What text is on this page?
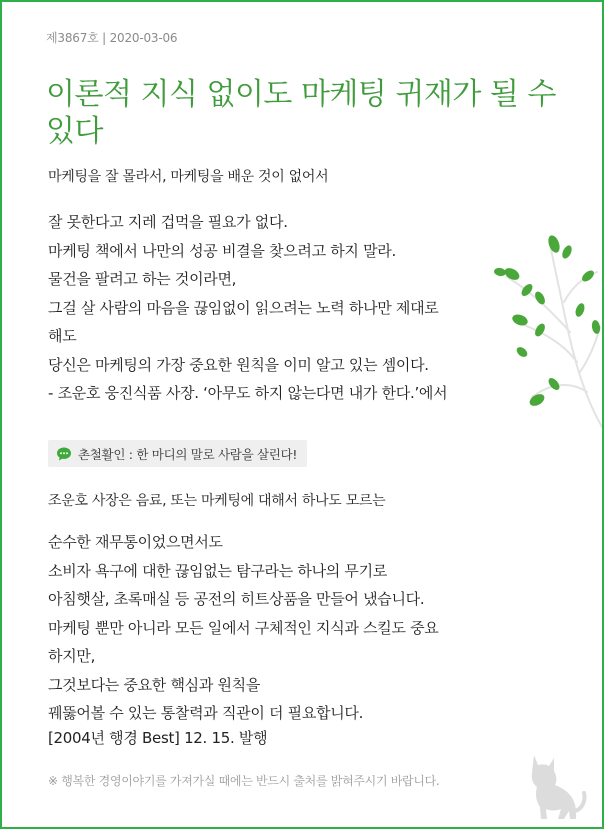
제3867호 | 2020-03-06
이론적 지식 없이도 마케팅 귀재가 될 수 있다
마케팅을 잘 몰라서, 마케팅을 배운 것이 없어서
잘 못한다고 지레 겁먹을 필요가 없다.
마케팅 책에서 나만의 성공 비결을 찾으려고 하지 말라.
물건을 팔려고 하는 것이라면,
그걸 살 사람의 마음을 끊임없이 읽으려는 노력 하나만 제대로
해도
당신은 마케팅의 가장 중요한 원칙을 이미 알고 있는 셈이다.
- 조운호 웅진식품 사장. ‘아무도 하지 않는다면 내가 한다.’에서
촌철활인 : 한 마디의 말로 사람을 살린다!
조운호 사장은 음료, 또는 마케팅에 대해서 하나도 모르는
순수한 재무통이었으면서도
소비자 욕구에 대한 끊임없는 탐구라는 하나의 무기로
아침햇살, 초록매실 등 공전의 히트상품을 만들어 냈습니다.
마케팅 뿐만 아니라 모든 일에서 구체적인 지식과 스킬도 중요
하지만,
그것보다는 중요한 핵심과 원칙을
꿰뚫어볼 수 있는 통찰력과 직관이 더 필요합니다.
[2004년 행경 Best] 12. 15. 발행
※ 행복한 경영이야기를 가져가실 때에는 반드시 출처를 밝혀주시기 바랍니다.
